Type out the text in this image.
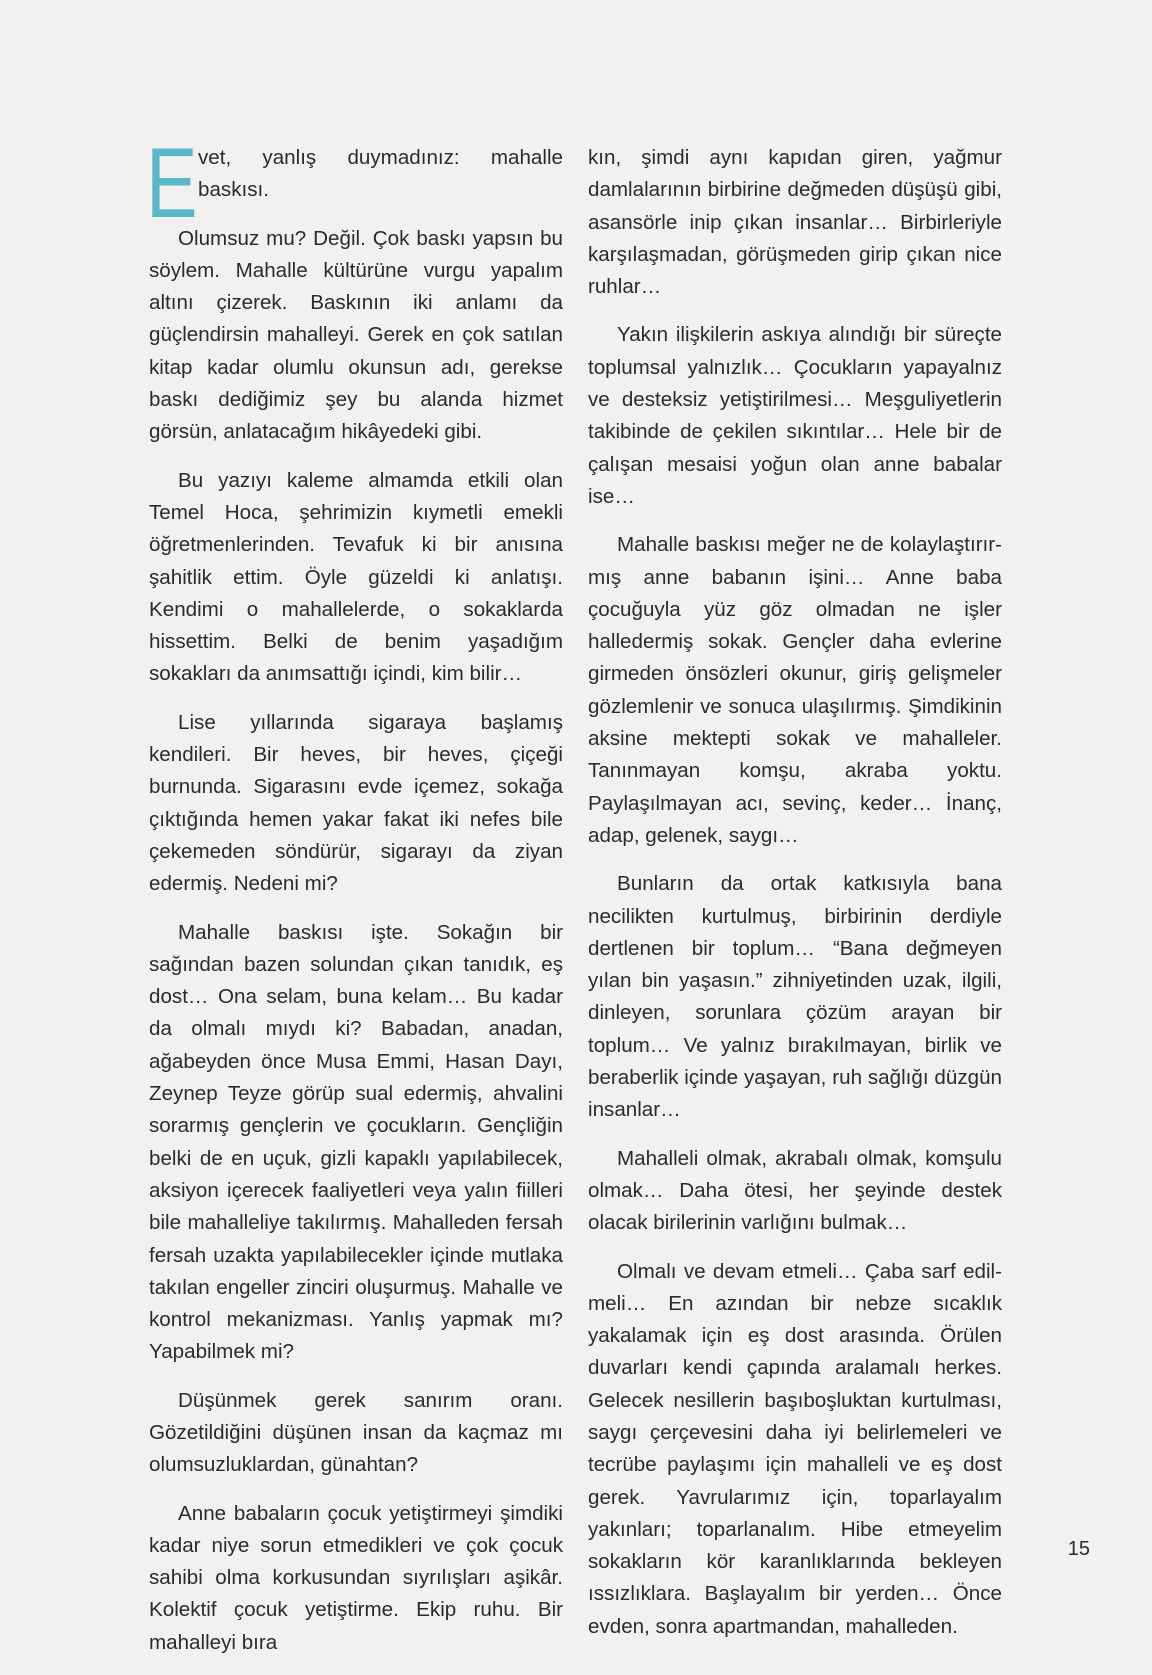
Evet, yanlış duymadınız: mahalle baskısı.

Olumsuz mu? Değil. Çok baskı yapsın bu söylem. Mahalle kültürüne vurgu yapalım altını çizerek. Baskının iki anlamı da güçlendirsin mahalleyi. Gerek en çok satılan kitap kadar olumlu okunsun adı, gerekse baskı dediğimiz şey bu alanda hizmet görsün, anlatacağım hikâyedeki gibi.

Bu yazıyı kaleme almamda etkili olan Temel Hoca, şehrimizin kıymetli emekli öğretmenlerinden. Tevafuk ki bir anısına şahitlik ettim. Öyle güzeldi ki anlatışı. Kendimi o mahallelerde, o sokaklarda hissettim. Belki de benim yaşadığım sokakları da anımsattığı içindi, kim bilir…

Lise yıllarında sigaraya başlamış kendileri. Bir heves, bir heves, çiçeği burnunda. Sigarasını evde içemez, sokağa çıktığında hemen yakar fakat iki nefes bile çekemeden söndürür, sigarayı da ziyan edermiş. Nedeni mi?

Mahalle baskısı işte. Sokağın bir sağından bazen solundan çıkan tanıdık, eş dost… Ona selam, buna kelam… Bu kadar da olmalı mıydı ki? Babadan, anadan, ağabeyden önce Musa Emmi, Hasan Dayı, Zeynep Teyze görüp sual edermiş, ahvalini sorarmış gençlerin ve çocukların. Gençliğin belki de en uçuk, gizli kapaklı yapılabilecek, aksiyon içerecek faaliyetleri veya yalın fiilleri bile mahalleliye takılırmış. Mahalleden fersah fersah uzakta yapılabilecekler içinde mutlaka takılan engeller zinciri oluşurmuş. Mahalle ve kontrol mekanizması. Yanlış yapmak mı? Yapabilmek mi?

Düşünmek gerek sanırım oranı. Gözetildiğini düşünen insan da kaçmaz mı olumsuzluklardan, günahtan?

Anne babaların çocuk yetiştirmeyi şimdiki kadar niye sorun etmedikleri ve çok çocuk sahibi olma korkusundan sıyrılışları aşikâr. Kolektif çocuk yetiştirme. Ekip ruhu. Bir mahalleyi bıra

kın, şimdi aynı kapıdan giren, yağmur damlalarının birbirine değmeden düşüşü gibi, asansörle inip çıkan insanlar… Birbirleriyle karşılaşmadan, görüşmeden girip çıkan nice ruhlar…

Yakın ilişkilerin askıya alındığı bir süreçte toplumsal yalnızlık… Çocukların yapayalnız ve desteksiz yetiştirilmesi… Meşguliyetlerin takibinde de çekilen sıkıntılar… Hele bir de çalışan mesaisi yoğun olan anne babalar ise…

Mahalle baskısı meğer ne de kolaylaştırırmış anne babanın işini… Anne baba çocuğuyla yüz göz olmadan ne işler halledermiş sokak. Gençler daha evlerine girmeden önsözleri okunur, giriş gelişmeler gözlemlenir ve sonuca ulaşılırmış. Şimdikinin aksine mektepti sokak ve mahalleler. Tanınmayan komşu, akraba yoktu. Paylaşılmayan acı, sevinç, keder… İnanç, adap, gelenek, saygı…

Bunların da ortak katkısıyla bana necilikten kurtulmuş, birbirinin derdiyle dertlenen bir toplum… “Bana değmeyen yılan bin yaşasın.” zihniyetinden uzak, ilgili, dinleyen, sorunlara çözüm arayan bir toplum… Ve yalnız bırakılmayan, birlik ve beraberlik içinde yaşayan, ruh sağlığı düzgün insanlar…

Mahalleli olmak, akrabalı olmak, komşulu olmak… Daha ötesi, her şeyinde destek olacak birilerinin varlığını bulmak…

Olmalı ve devam etmeli… Çaba sarf edilmeli… En azından bir nebze sıcaklık yakalamak için eş dost arasında. Örülen duvarları kendi çapında aralamalı herkes. Gelecek nesillerin başıboşluktan kurtulması, saygı çerçevesini daha iyi belirlemeleri ve tecrübe paylaşımı için mahalleli ve eş dost gerek. Yavrularımız için, toparlayalım yakınları; toparlanalım. Hibe etmeyelim sokakların kör karanlıklarında bekleyen ıssızlıklara. Başlayalım bir yerden… Önce evden, sonra apartmandan, mahalleden.

15
